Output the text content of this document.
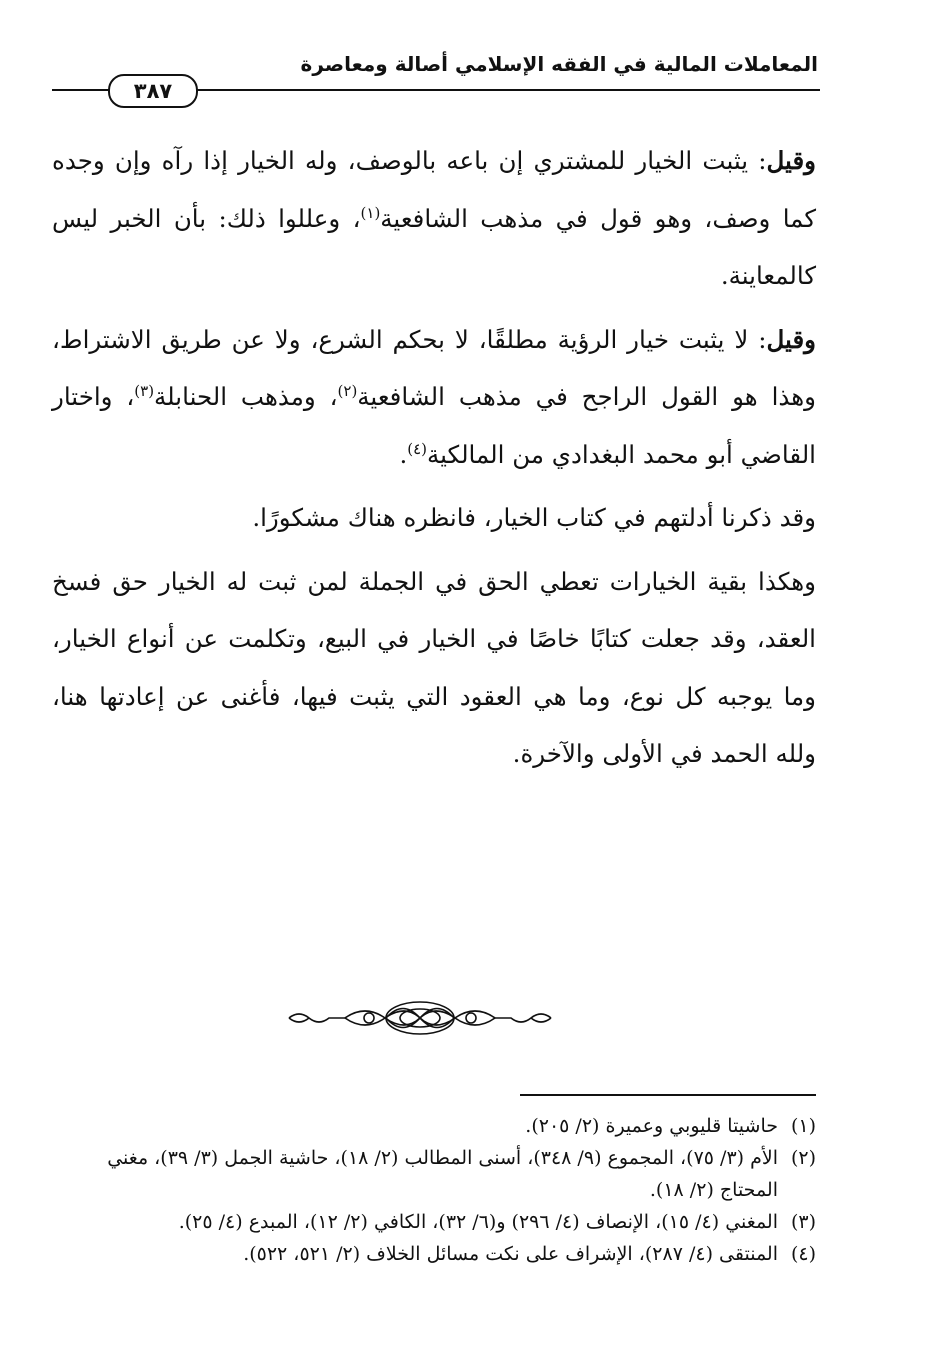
المعاملات المالية في الفقه الإسلامي أصالة ومعاصرة
٣٨٧

وقيل: يثبت الخيار للمشتري إن باعه بالوصف، وله الخيار إذا رآه وإن وجده كما وصف، وهو قول في مذهب الشافعية$^{(١)}$، وعللوا ذلك: بأن الخبر ليس كالمعاينة.

وقيل: لا يثبت خيار الرؤية مطلقًا، لا بحكم الشرع، ولا عن طريق الاشتراط، وهذا هو القول الراجح في مذهب الشافعية$^{(٢)}$، ومذهب الحنابلة$^{(٣)}$، واختار القاضي أبو محمد البغدادي من المالكية$^{(٤)}$.

وقد ذكرنا أدلتهم في كتاب الخيار، فانظره هناك مشكورًا.

وهكذا بقية الخيارات تعطي الحق في الجملة لمن ثبت له الخيار حق فسخ العقد، وقد جعلت كتابًا خاصًا في الخيار في البيع، وتكلمت عن أنواع الخيار، وما يوجبه كل نوع، وما هي العقود التي يثبت فيها، فأغنى عن إعادتها هنا، ولله الحمد في الأولى والآخرة.

(١)
حاشيتا قليوبي وعميرة (٢/ ٢٠٥).
(٢)
الأم (٣/ ٧٥)، المجموع (٩/ ٣٤٨)، أسنى المطالب (٢/ ١٨)، حاشية الجمل (٣/ ٣٩)، مغني المحتاج (٢/ ١٨).
(٣)
المغني (٤/ ١٥)، الإنصاف (٤/ ٢٩٦) و(٦/ ٣٢)، الكافي (٢/ ١٢)، المبدع (٤/ ٢٥).
(٤)
المنتقى (٤/ ٢٨٧)، الإشراف على نكت مسائل الخلاف (٢/ ٥٢١، ٥٢٢).
